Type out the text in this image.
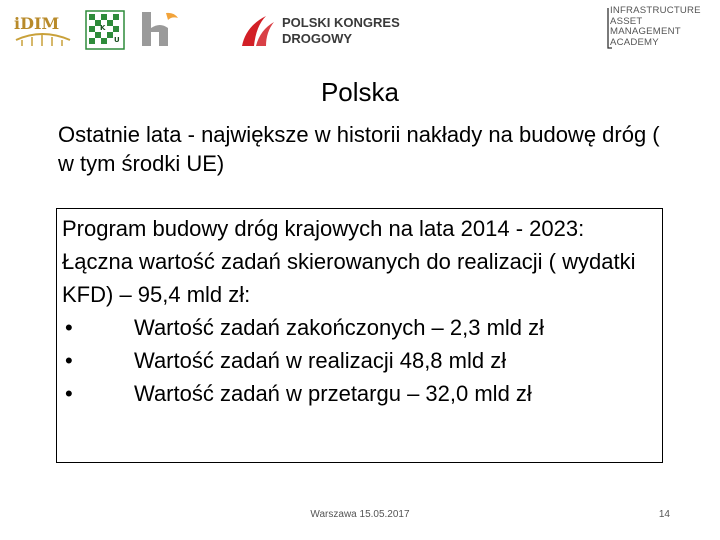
iDIM	K
U
POLSKI KONGRES
DROGOWY
INFRASTRUCTURE
ASSET
MANAGEMENT
ACADEMY
Polska
Ostatnie lata - największe w historii nakłady na budowę dróg ( w tym środki UE)
Program budowy dróg krajowych na lata 2014 - 2023:
Łączna wartość zadań skierowanych do realizacji ( wydatki KFD) – 95,4 mld zł:
•	Wartość zadań zakończonych – 2,3 mld zł
•	Wartość zadań w realizacji 48,8 mld zł
•	Wartość zadań w przetargu – 32,0 mld zł
Warszawa 15.05.2017	14
